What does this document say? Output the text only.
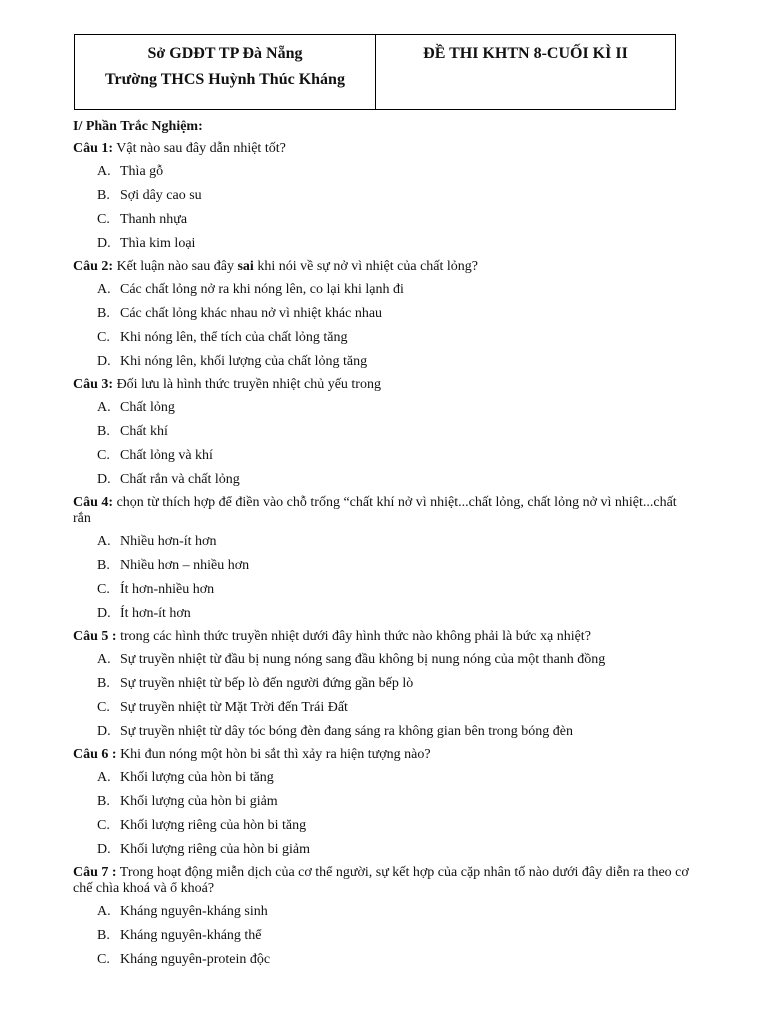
Sở GDĐT TP Đà Nẵng
Trường THCS Huỳnh Thúc Kháng

ĐỀ THI KHTN 8-CUỐI KÌ II
I/ Phần Trắc Nghiệm:

Câu 1: Vật nào sau đây dẫn nhiệt tốt?

A. Thìa gỗ
B. Sợi dây cao su
C. Thanh nhựa
D. Thìa kim loại

Câu 2: Kết luận nào sau đây sai khi nói về sự nở vì nhiệt của chất lỏng?

A. Các chất lỏng nở ra khi nóng lên, co lại khi lạnh đi
B. Các chất lỏng khác nhau nở vì nhiệt khác nhau
C. Khi nóng lên, thể tích của chất lỏng tăng
D. Khi nóng lên, khối lượng của chất lỏng tăng

Câu 3: Đối lưu là hình thức truyền nhiệt chủ yếu trong

A. Chất lỏng
B. Chất khí
C. Chất lỏng và khí
D. Chất rắn và chất lỏng

Câu 4: chọn từ thích hợp để điền vào chỗ trống “chất khí nở vì nhiệt...chất lỏng, chất lỏng nở vì nhiệt...chất rắn

A. Nhiều hơn-ít hơn
B. Nhiều hơn – nhiều hơn
C. Ít hơn-nhiều hơn
D. Ít hơn-ít hơn

Câu 5 : trong các hình thức truyền nhiệt dưới đây hình thức nào không phải là bức xạ nhiệt?

A. Sự truyền nhiệt từ đầu bị nung nóng sang đầu không bị nung nóng của một thanh đồng
B. Sự truyền nhiệt từ bếp lò đến người đứng gần bếp lò
C. Sự truyền nhiệt từ Mặt Trời đến Trái Đất
D. Sự truyền nhiệt từ dây tóc bóng đèn đang sáng ra không gian bên trong bóng đèn

Câu 6 : Khi đun nóng một hòn bi sắt thì xảy ra hiện tượng nào?

A. Khối lượng của hòn bi tăng
B. Khối lượng của hòn bi giảm
C. Khối lượng riêng của hòn bi tăng
D. Khối lượng riêng của hòn bi giảm

Câu 7 : Trong hoạt động miễn dịch của cơ thể người, sự kết hợp của cặp nhân tố nào dưới đây diễn ra theo cơ chế chìa khoá và ổ khoá?

A. Kháng nguyên-kháng sinh
B. Kháng nguyên-kháng thể
C. Kháng nguyên-protein độc
